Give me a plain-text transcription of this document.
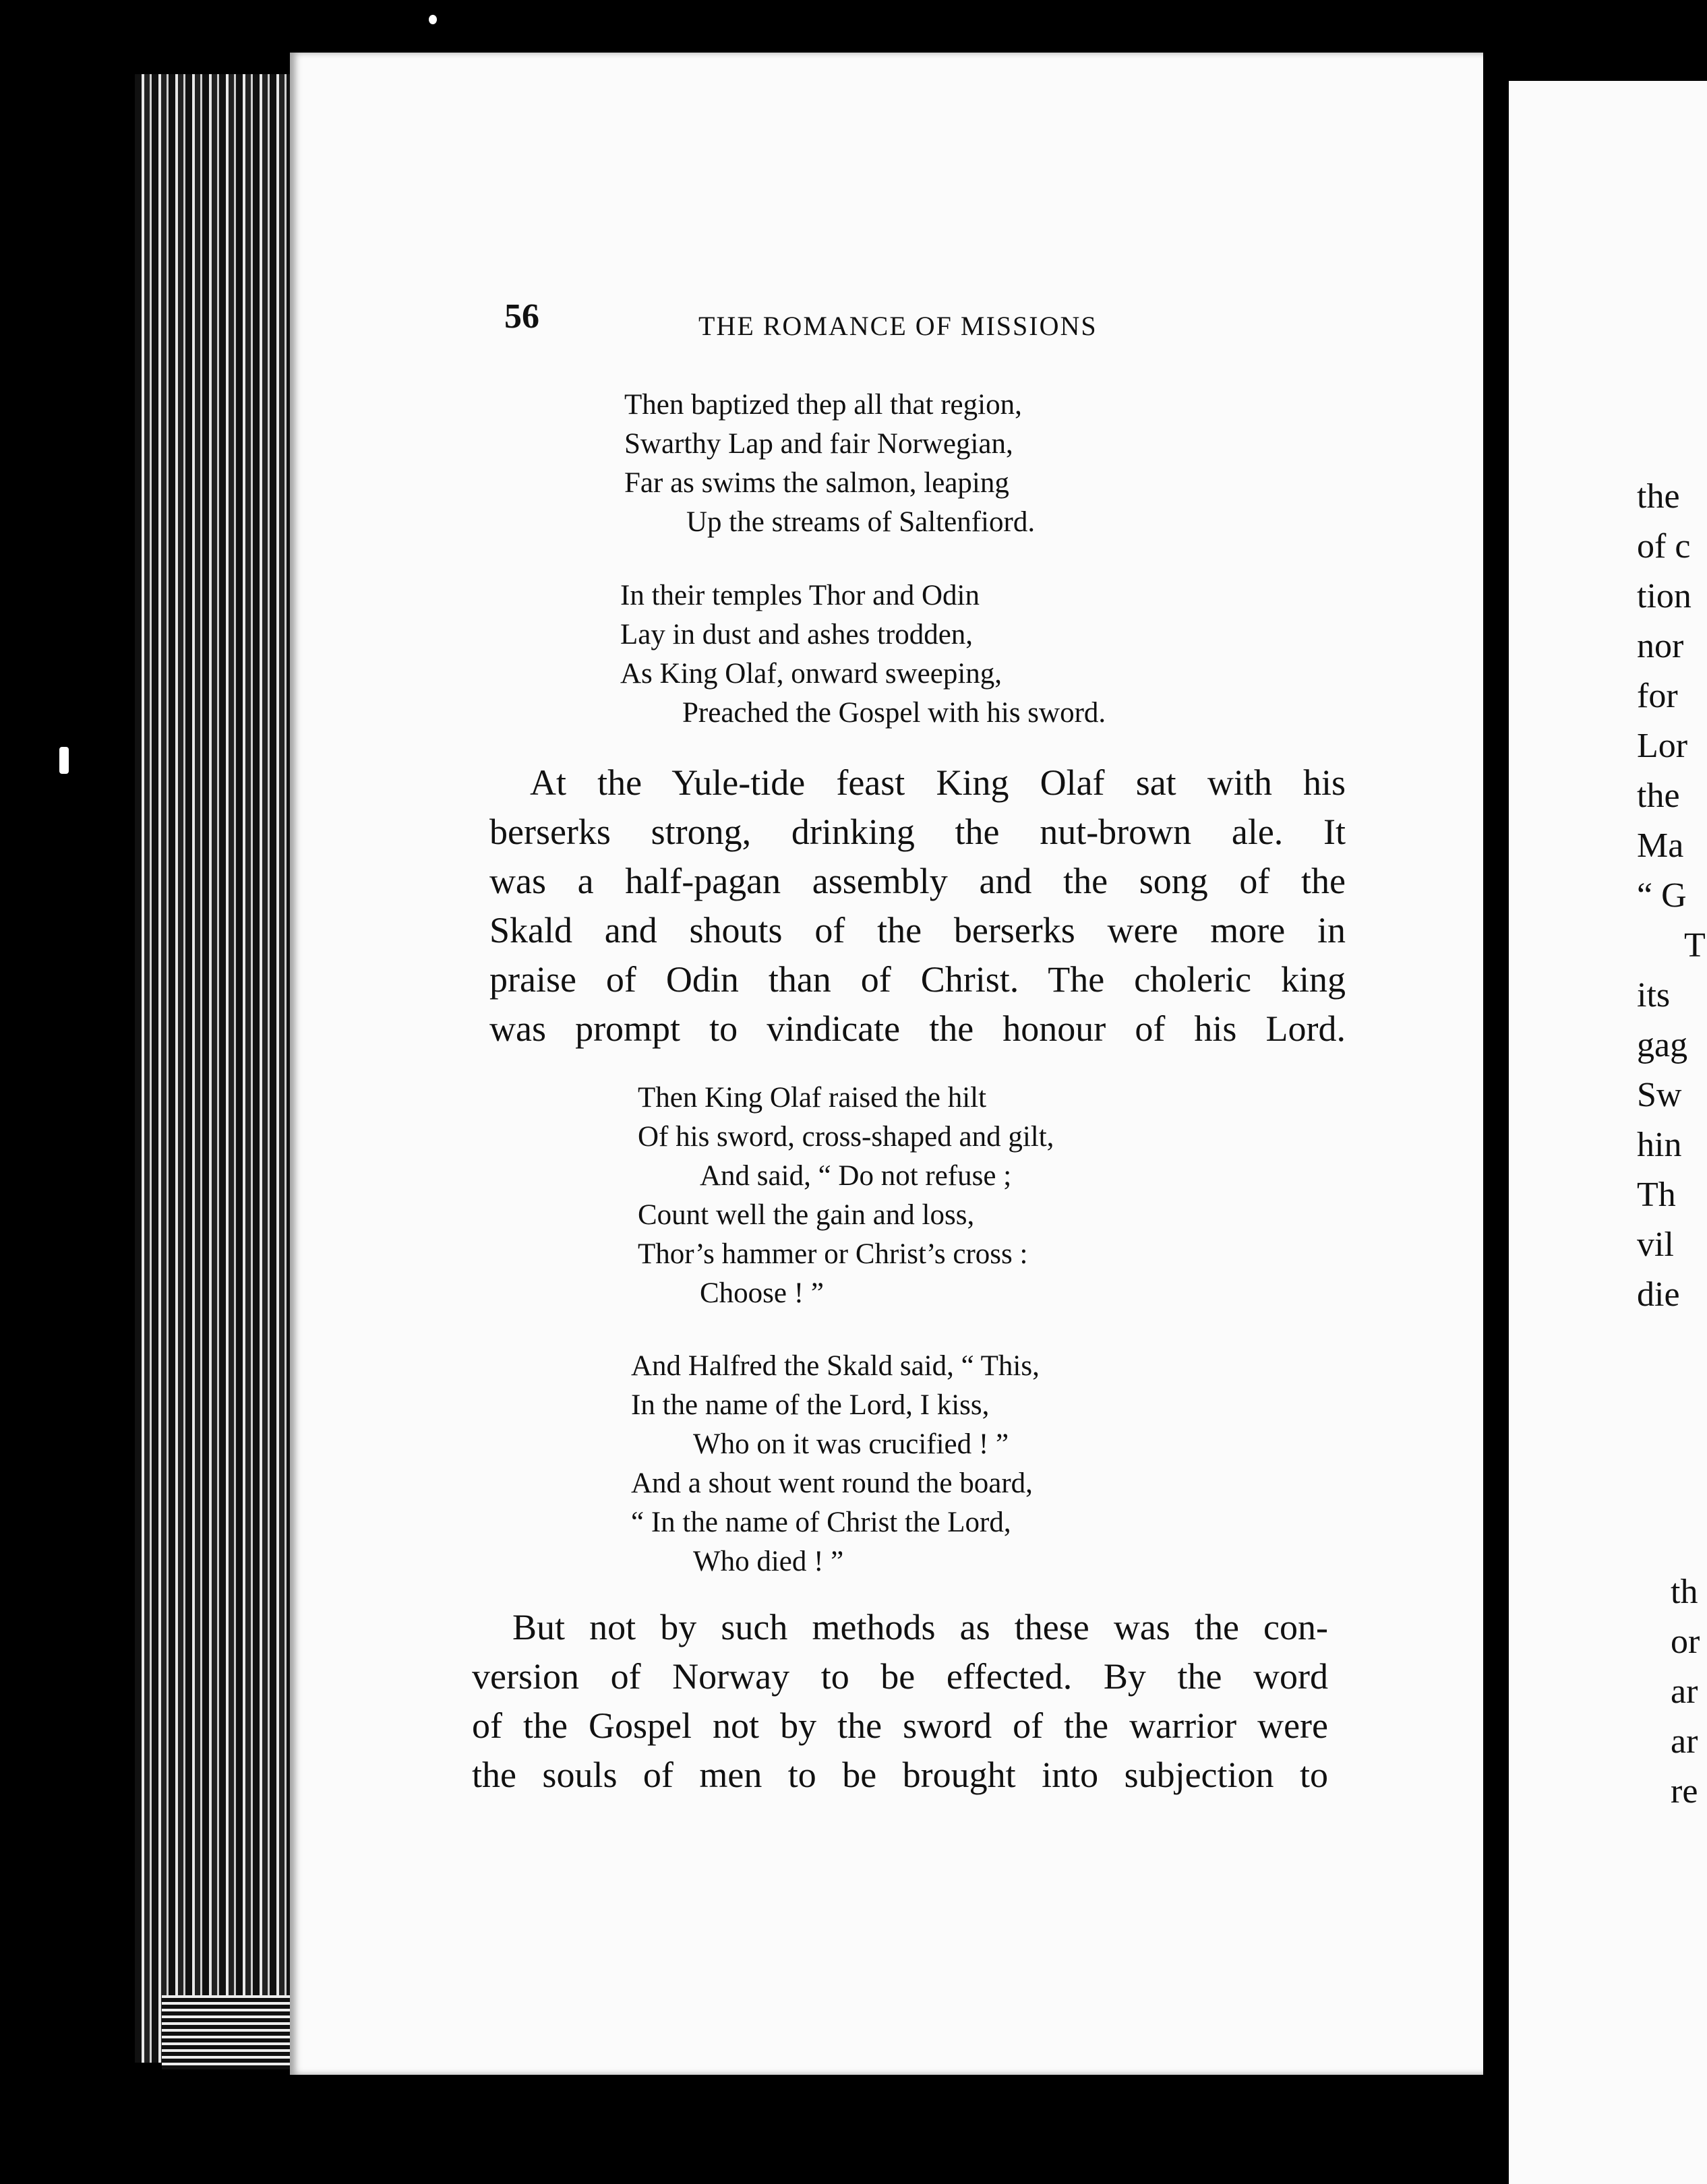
56	THE ROMANCE OF MISSIONS
Then baptized theр all that region,
Swarthy Lap and fair Norwegian,
Far as swims the salmon, leaping
Up the streams of Saltenfiord.
In their temples Thor and Odin
Lay in dust and ashes trodden,
As King Olaf, onward sweeping,
Preached the Gospel with his sword.
At the Yule-tide feast King Olaf sat with his
berserks strong, drinking the nut-brown ale. It
was a half-pagan assembly and the song of the
Skald and shouts of the berserks were more in
praise of Odin than of Christ. The choleric king
was prompt to vindicate the honour of his Lord.
Then King Olaf raised the hilt
Of his sword, cross-shaped and gilt,
And said, “ Do not refuse ;
Count well the gain and loss,
Thor’s hammer or Christ’s cross :
Choose ! ”
And Halfred the Skald said, “ This,
In the name of the Lord, I kiss,
Who on it was crucified ! ”
And a shout went round the board,
“ In the name of Christ the Lord,
Who died ! ”
But not by such methods as these was the con-
version of Norway to be effected. By the word
of the Gospel not by the sword of the warrior were
the souls of men to be brought into subjection to
the
of c
tion
nor
for
Lor
the
Ma
“ G
T
its
gag
Sw
hin
Th
vil
die
th
or
ar
ar
re
